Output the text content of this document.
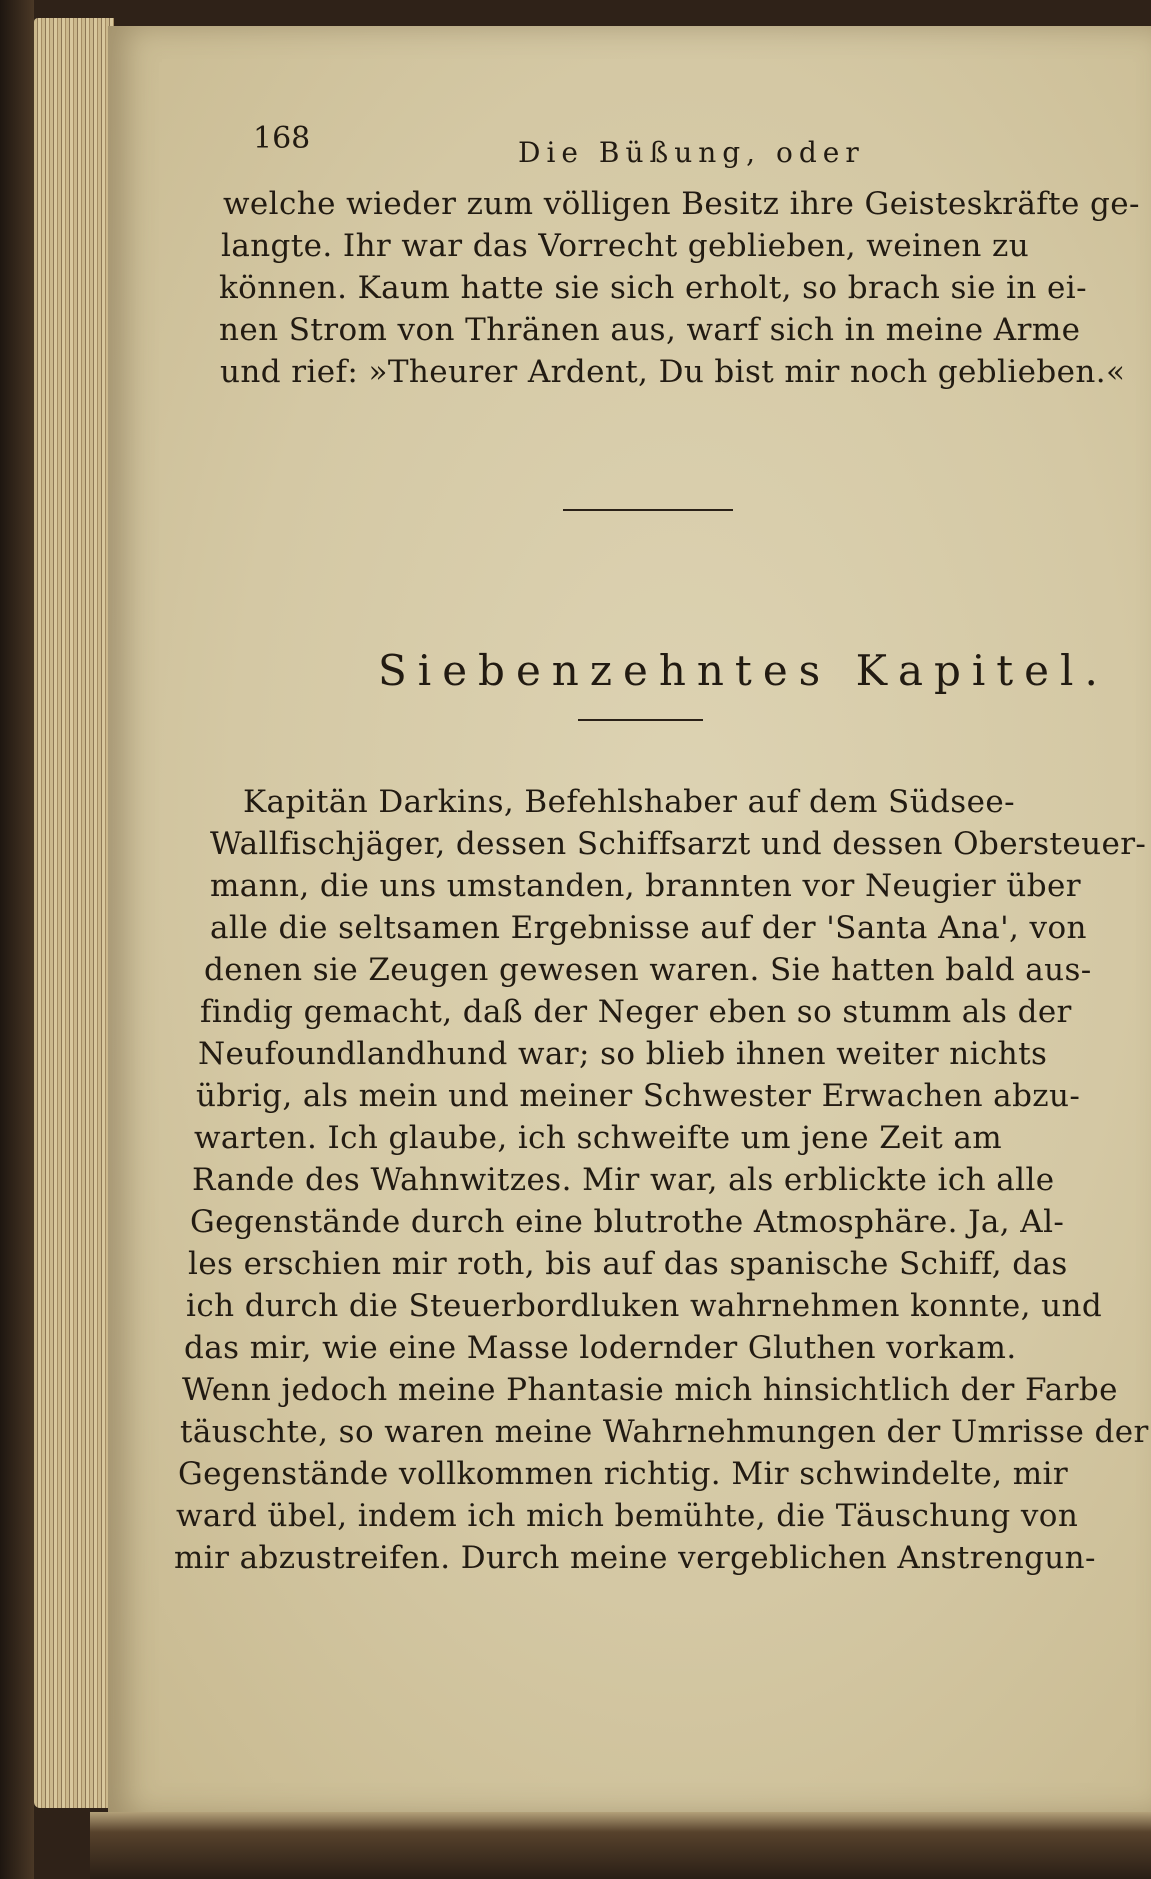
168	Die Büßung, oder
welche wieder zum völligen Besitz ihre Geisteskräfte ge-
langte. Ihr war das Vorrecht geblieben, weinen zu
können. Kaum hatte sie sich erholt, so brach sie in ei-
nen Strom von Thränen aus, warf sich in meine Arme
und rief: »Theurer Ardent, Du bist mir noch geblieben.«
Siebenzehntes Kapitel.
Kapitän Darkins, Befehlshaber auf dem Südsee-
Wallfischjäger, dessen Schiffsarzt und dessen Obersteuer-
mann, die uns umstanden, brannten vor Neugier über
alle die seltsamen Ergebnisse auf der 'Santa Ana', von
denen sie Zeugen gewesen waren. Sie hatten bald aus-
findig gemacht, daß der Neger eben so stumm als der
Neufoundlandhund war; so blieb ihnen weiter nichts
übrig, als mein und meiner Schwester Erwachen abzu-
warten. Ich glaube, ich schweifte um jene Zeit am
Rande des Wahnwitzes. Mir war, als erblickte ich alle
Gegenstände durch eine blutrothe Atmosphäre. Ja, Al-
les erschien mir roth, bis auf das spanische Schiff, das
ich durch die Steuerbordluken wahrnehmen konnte, und
das mir, wie eine Masse lodernder Gluthen vorkam.
Wenn jedoch meine Phantasie mich hinsichtlich der Farbe
täuschte, so waren meine Wahrnehmungen der Umrisse der
Gegenstände vollkommen richtig. Mir schwindelte, mir
ward übel, indem ich mich bemühte, die Täuschung von
mir abzustreifen. Durch meine vergeblichen Anstrengun-
